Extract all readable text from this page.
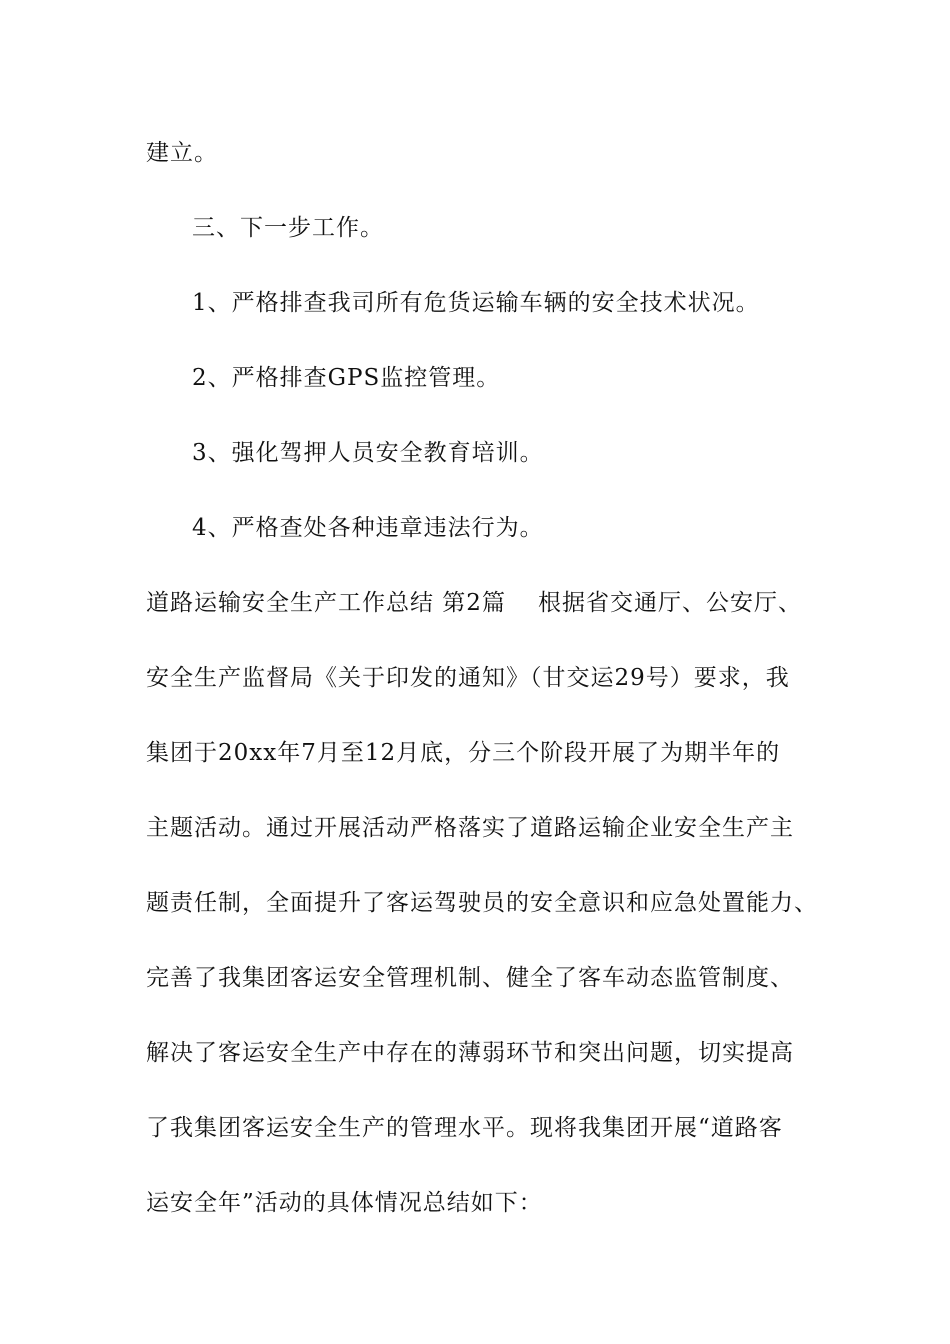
建立。
三、下一步工作。
1、严格排查我司所有危货运输车辆的安全技术状况。
2、严格排查GPS监控管理。
3、强化驾押人员安全教育培训。
4、严格查处各种违章违法行为。
道路运输安全生产工作总结 第2篇 根据省交通厅、公安厅、
安全生产监督局《关于印发的通知》（甘交运29号）要求，我
集团于20xx年7月至12月底，分三个阶段开展了为期半年的
主题活动。通过开展活动严格落实了道路运输企业安全生产主
题责任制，全面提升了客运驾驶员的安全意识和应急处置能力、
完善了我集团客运安全管理机制、健全了客车动态监管制度、
解决了客运安全生产中存在的薄弱环节和突出问题，切实提高
了我集团客运安全生产的管理水平。现将我集团开展“道路客
运安全年”活动的具体情况总结如下：
